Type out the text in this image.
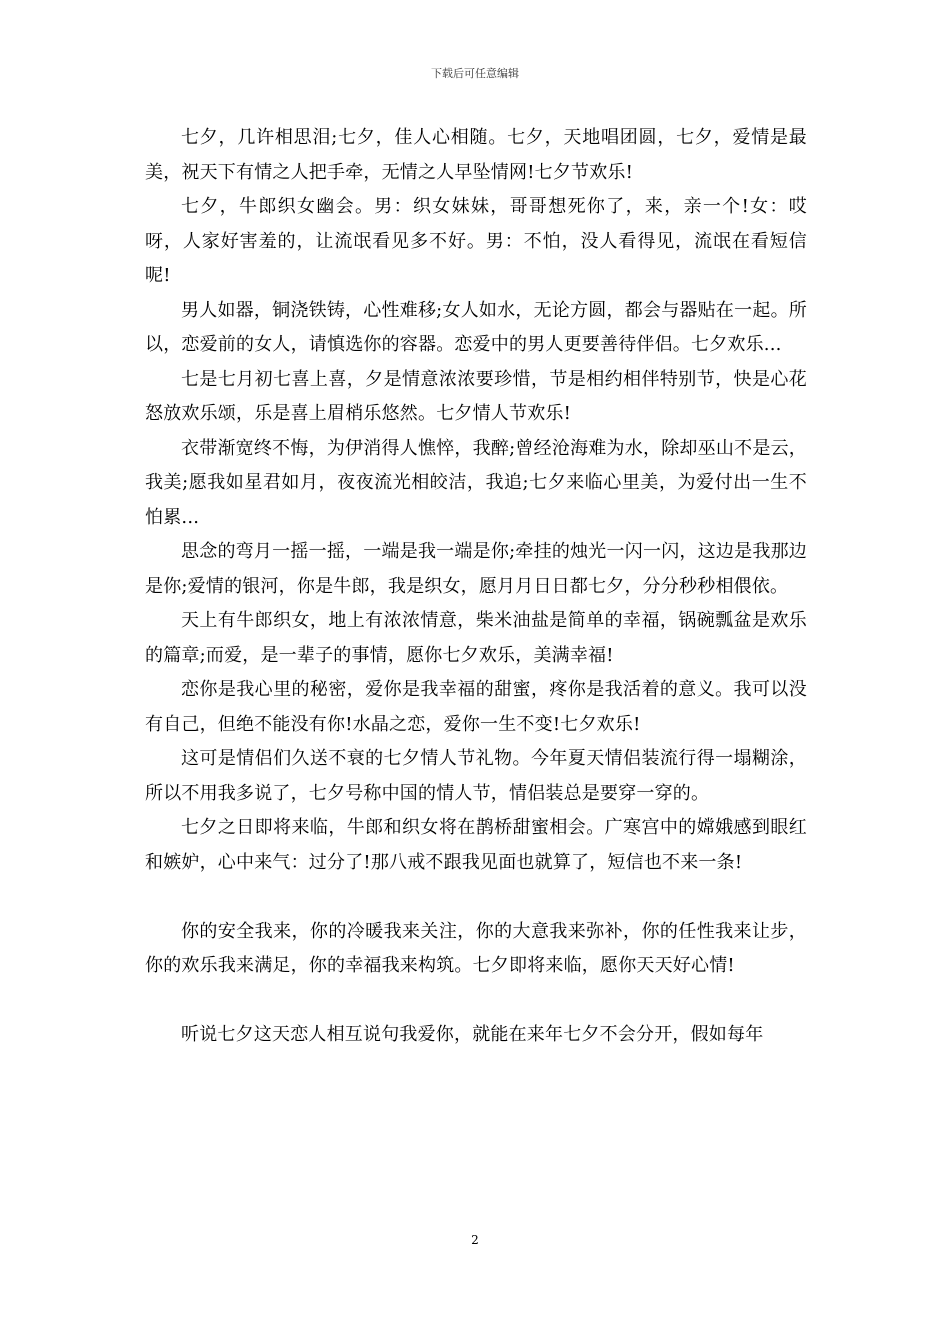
下载后可任意编辑

七夕，几许相思泪;七夕，佳人心相随。七夕，天地唱团圆，七夕，爱情是最美，祝天下有情之人把手牵，无情之人早坠情网!七夕节欢乐!

七夕，牛郎织女幽会。男：织女妹妹，哥哥想死你了，来，亲一个!女：哎呀，人家好害羞的，让流氓看见多不好。男：不怕，没人看得见，流氓在看短信呢!

男人如器，铜浇铁铸，心性难移;女人如水，无论方圆，都会与器贴在一起。所以，恋爱前的女人，请慎选你的容器。恋爱中的男人更要善待伴侣。七夕欢乐...

七是七月初七喜上喜，夕是情意浓浓要珍惜，节是相约相伴特别节，快是心花怒放欢乐颂，乐是喜上眉梢乐悠然。七夕情人节欢乐!

衣带渐宽终不悔，为伊消得人憔悴，我醉;曾经沧海难为水，除却巫山不是云，我美;愿我如星君如月，夜夜流光相皎洁，我追;七夕来临心里美，为爱付出一生不怕累...

思念的弯月一摇一摇，一端是我一端是你;牵挂的烛光一闪一闪，这边是我那边是你;爱情的银河，你是牛郎，我是织女，愿月月日日都七夕，分分秒秒相偎依。

天上有牛郎织女，地上有浓浓情意，柴米油盐是简单的幸福，锅碗瓢盆是欢乐的篇章;而爱，是一辈子的事情，愿你七夕欢乐，美满幸福!

恋你是我心里的秘密，爱你是我幸福的甜蜜，疼你是我活着的意义。我可以没有自己，但绝不能没有你!水晶之恋，爱你一生不变!七夕欢乐!

这可是情侣们久送不衰的七夕情人节礼物。今年夏天情侣装流行得一塌糊涂，所以不用我多说了，七夕号称中国的情人节，情侣装总是要穿一穿的。

七夕之日即将来临，牛郎和织女将在鹊桥甜蜜相会。广寒宫中的嫦娥感到眼红和嫉妒，心中来气：过分了!那八戒不跟我见面也就算了，短信也不来一条!

你的安全我来，你的冷暖我来关注，你的大意我来弥补，你的任性我来让步，你的欢乐我来满足，你的幸福我来构筑。七夕即将来临，愿你天天好心情!

听说七夕这天恋人相互说句我爱你，就能在来年七夕不会分开，假如每年

2
